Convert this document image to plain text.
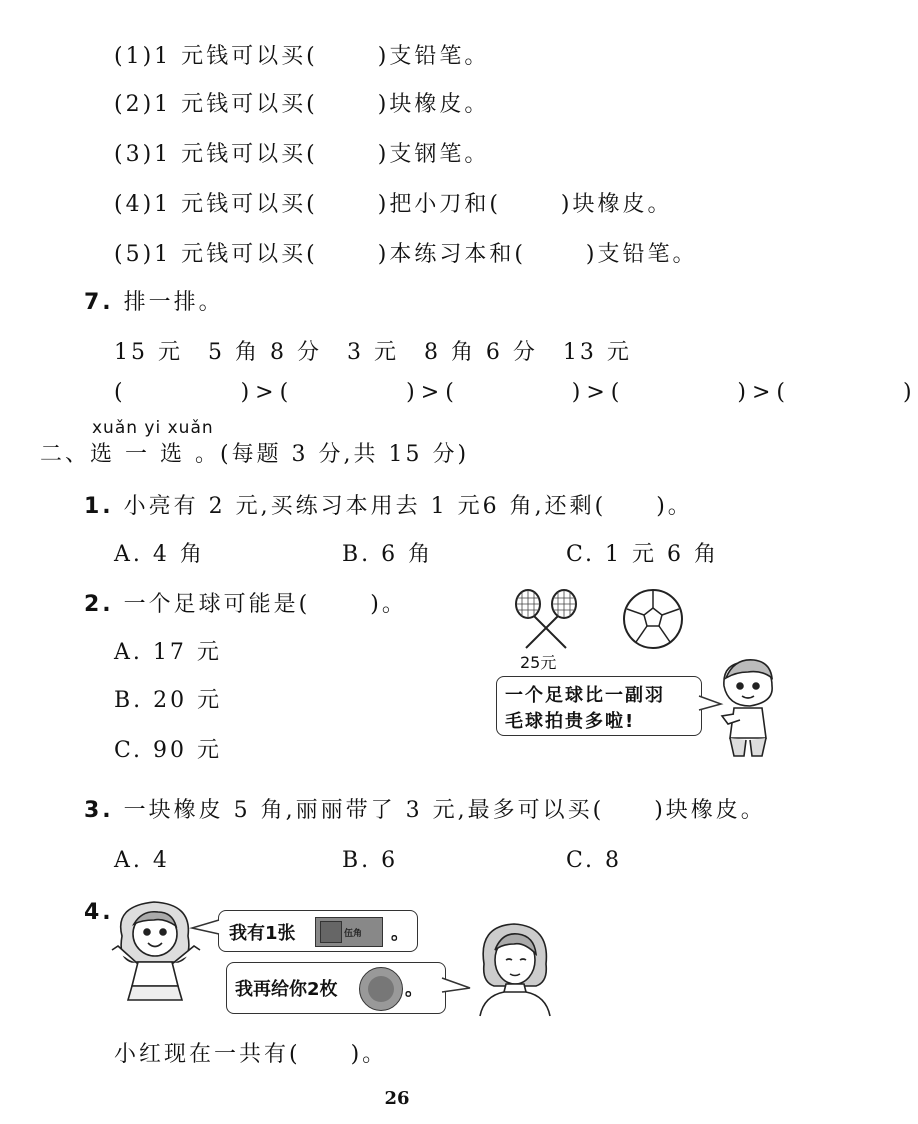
(1)1 元钱可以买(　　 )支铅笔。
(2)1 元钱可以买(　　 )块橡皮。
(3)1 元钱可以买(　　 )支钢笔。
(4)1 元钱可以买(　　 )把小刀和(　　 )块橡皮。
(5)1 元钱可以买(　　 )本练习本和(　　 )支铅笔。
7. 排一排。
15 元　5 角 8 分　3 元　8 角 6 分　13 元
(　　　　)>(　　　　)>(　　　　)>(　　　　)>(　　　　)
xuǎn yi xuǎn
二、选 一 选 。(每题 3 分,共 15 分)
1. 小亮有 2 元,买练习本用去 1 元6 角,还剩(　　)。
A. 4 角	B. 6 角	C. 1 元 6 角
2. 一个足球可能是(　　 )。
A. 17 元
B. 20 元
C. 90 元
25元
一个足球比一副羽
毛球拍贵多啦!
3. 一块橡皮 5 角,丽丽带了 3 元,最多可以买(　　)块橡皮。
A. 4	B. 6	C. 8
4.
我有1张	伍角 。
我再给你2枚	。
小红现在一共有(　　)。
26
